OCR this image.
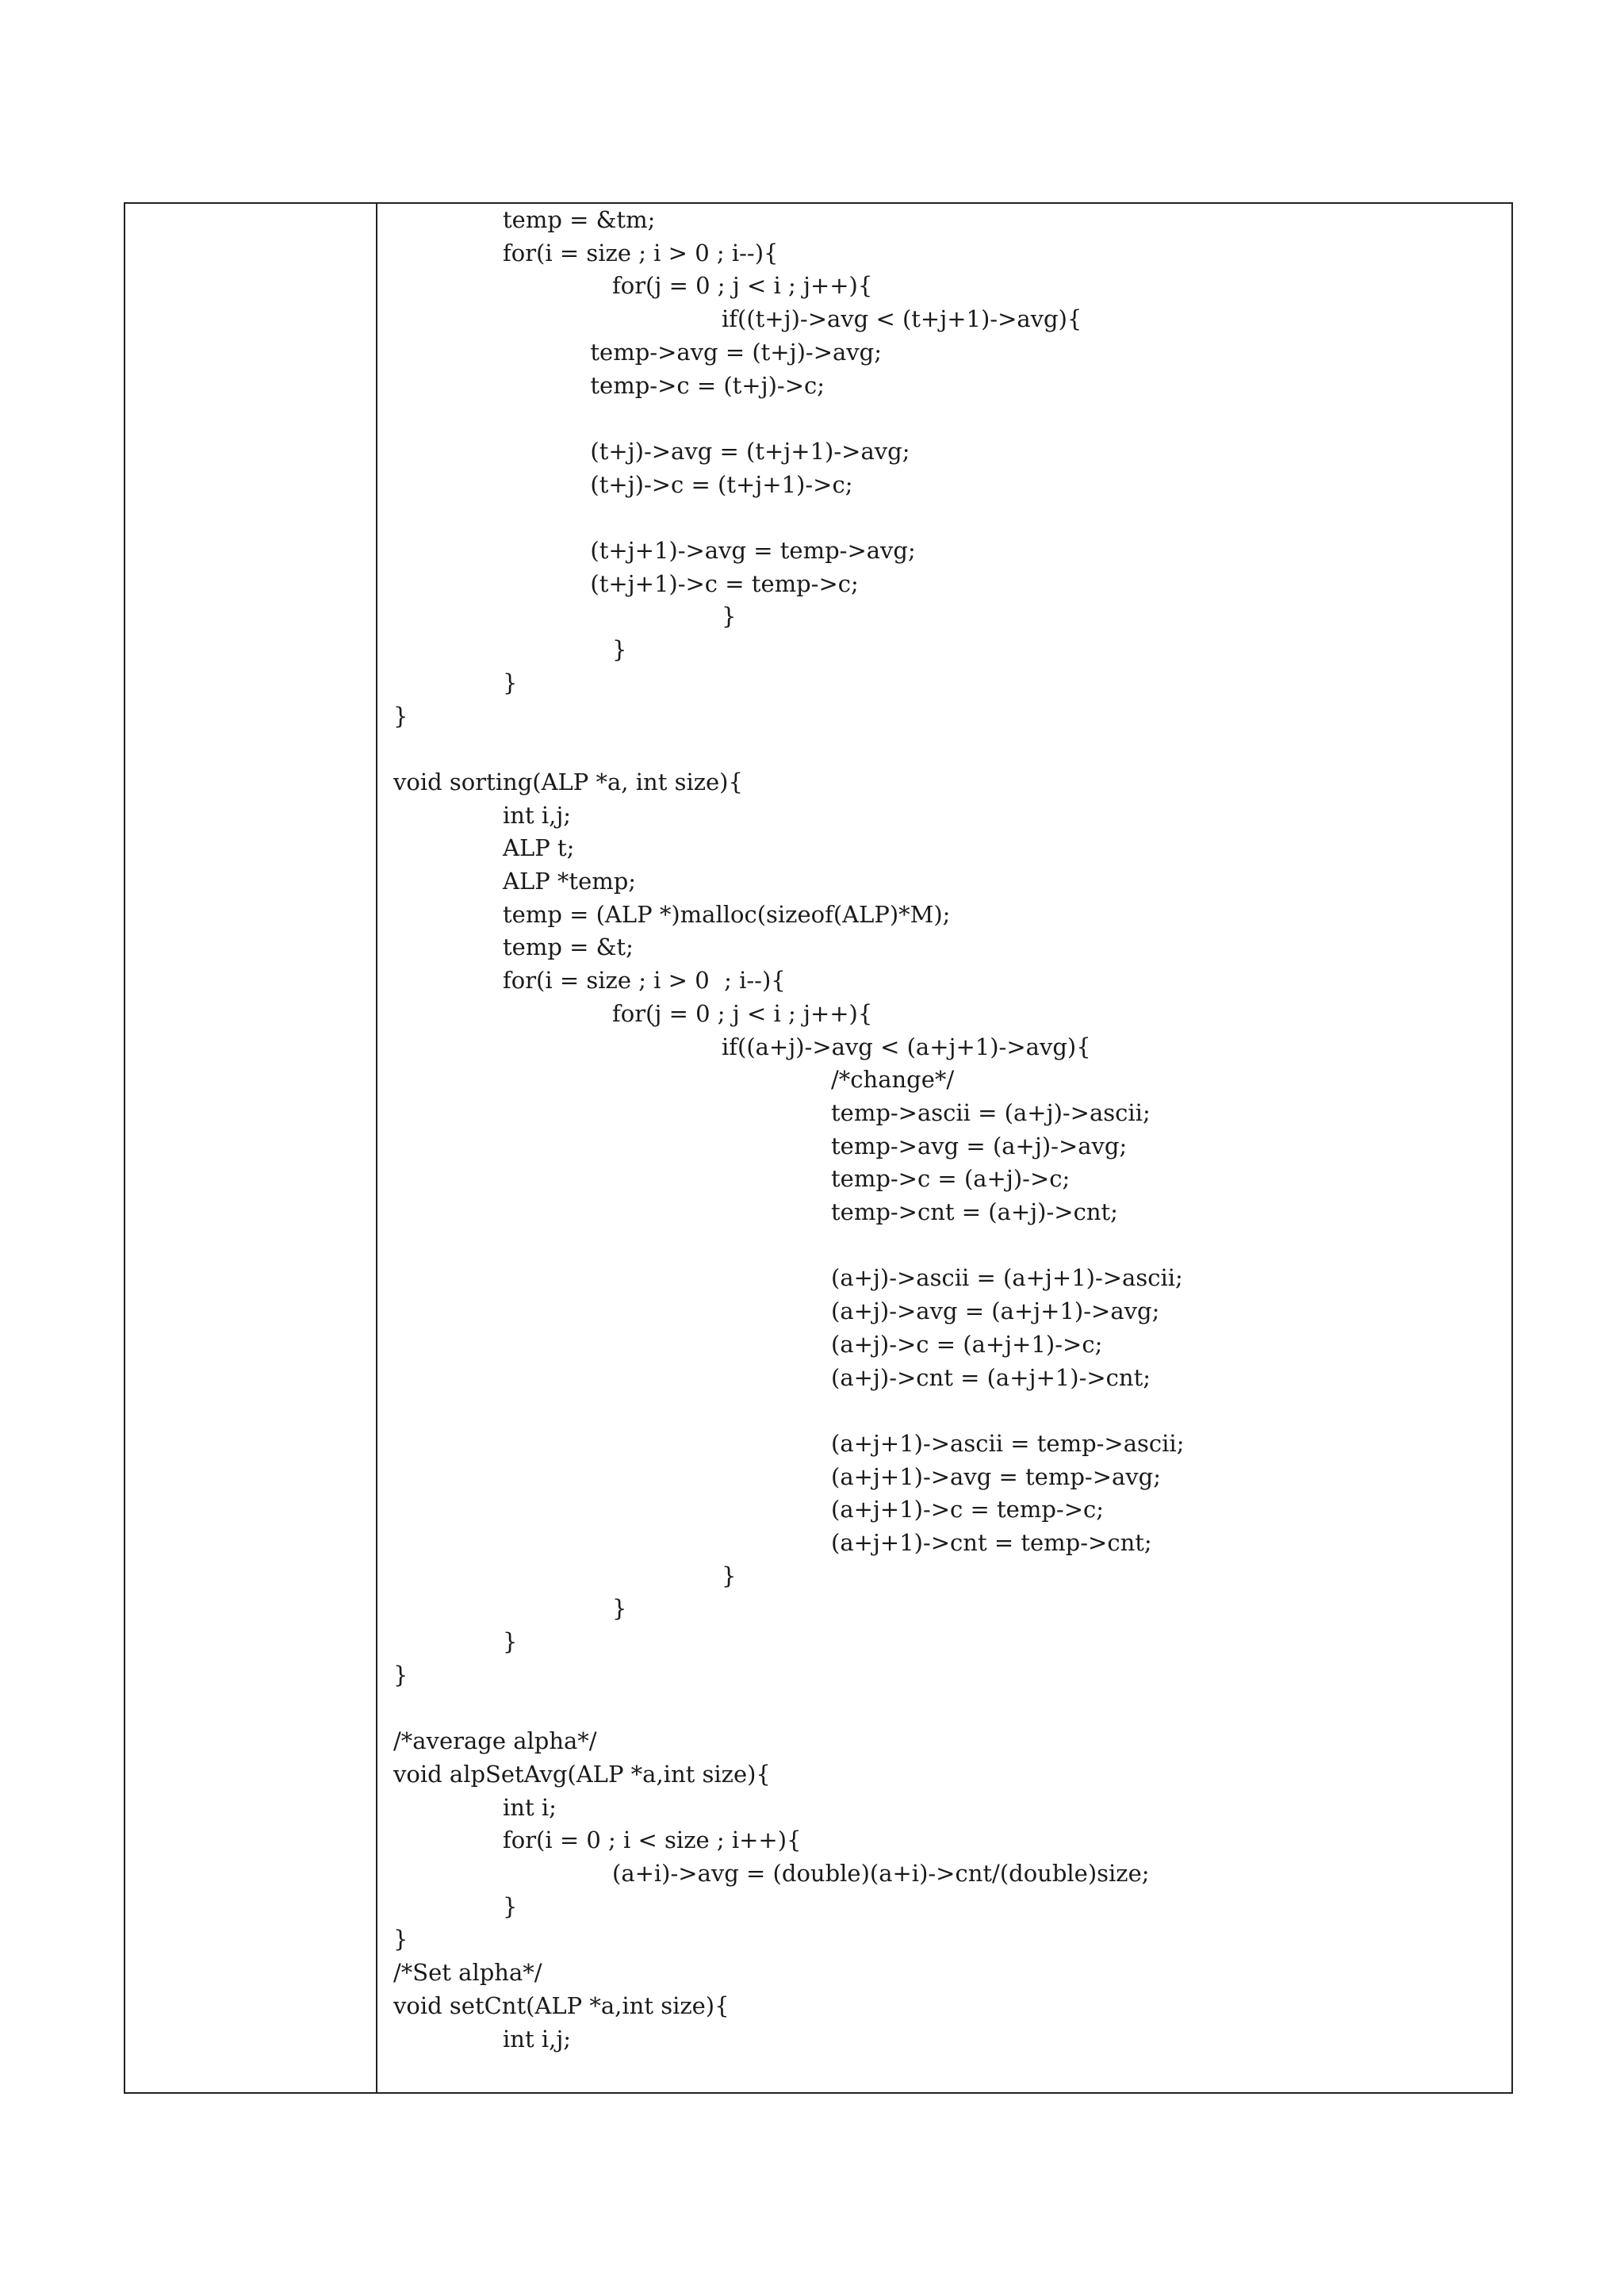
temp = &tm;
for(i = size ; i > 0 ; i--){
for(j = 0 ; j < i ; j++){
if((t+j)->avg < (t+j+1)->avg){
temp->avg = (t+j)->avg;
temp->c = (t+j)->c;
(t+j)->avg = (t+j+1)->avg;
(t+j)->c = (t+j+1)->c;
(t+j+1)->avg = temp->avg;
(t+j+1)->c = temp->c;
}
}
}
}
void sorting(ALP *a, int size){
int i,j;
ALP t;
ALP *temp;
temp = (ALP *)malloc(sizeof(ALP)*M);
temp = &t;
for(i = size ; i > 0  ; i--){
for(j = 0 ; j < i ; j++){
if((a+j)->avg < (a+j+1)->avg){
/*change*/
temp->ascii = (a+j)->ascii;
temp->avg = (a+j)->avg;
temp->c = (a+j)->c;
temp->cnt = (a+j)->cnt;
(a+j)->ascii = (a+j+1)->ascii;
(a+j)->avg = (a+j+1)->avg;
(a+j)->c = (a+j+1)->c;
(a+j)->cnt = (a+j+1)->cnt;
(a+j+1)->ascii = temp->ascii;
(a+j+1)->avg = temp->avg;
(a+j+1)->c = temp->c;
(a+j+1)->cnt = temp->cnt;
}
}
}
}
/*average alpha*/
void alpSetAvg(ALP *a,int size){
int i;
for(i = 0 ; i < size ; i++){
(a+i)->avg = (double)(a+i)->cnt/(double)size;
}
}
/*Set alpha*/
void setCnt(ALP *a,int size){
int i,j;
